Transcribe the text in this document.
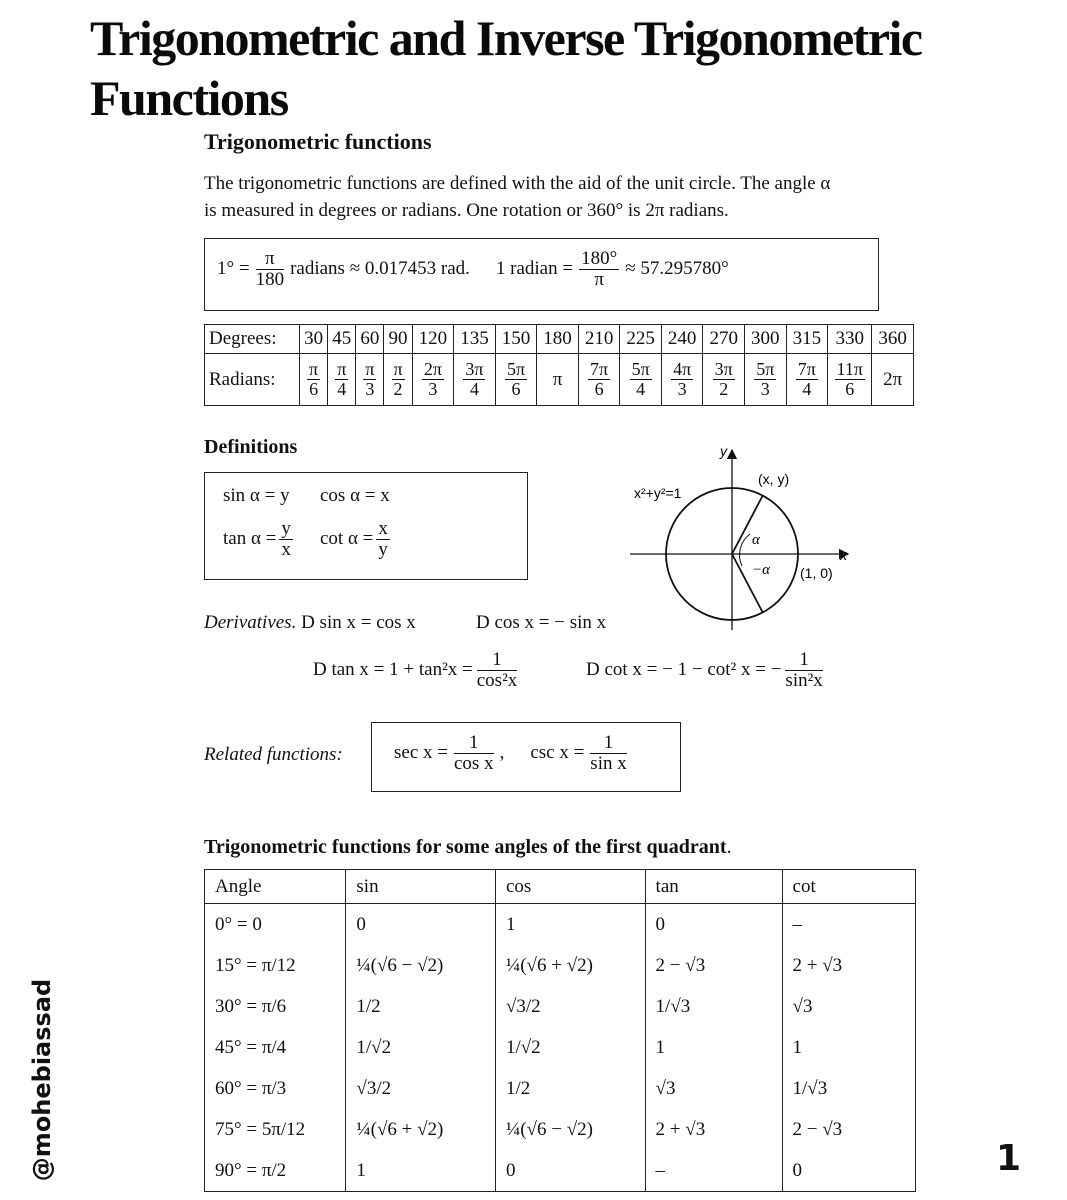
Trigonometric and Inverse Trigonometric
Functions
Trigonometric functions
The trigonometric functions are defined with the aid of the unit circle. The angle α
is measured in degrees or radians. One rotation or 360° is 2π radians.
$1^\circ = \frac{\pi}{180}$ radians ≈ 0.017453 rad. 1 radian = $\frac{180^\circ}{\pi} \approx 57.295780^\circ$
Degrees:	30	45	60	90	120	135	150	180	210	225	240	270	300	315	330	360
Radians:	$\frac{\pi}{6}$	$\frac{\pi}{4}$	$\frac{\pi}{3}$	$\frac{\pi}{2}$	$\frac{2\pi}{3}$	$\frac{3\pi}{4}$	$\frac{5\pi}{6}$	π	$\frac{7\pi}{6}$	$\frac{5\pi}{4}$	$\frac{4\pi}{3}$	$\frac{3\pi}{2}$	$\frac{5\pi}{3}$	$\frac{7\pi}{4}$	$\frac{11\pi}{6}$	2π
Definitions
sin α = y cos α = x
$\tan \alpha = \frac{y}{x}$ $\cot \alpha = \frac{x}{y}$
x²+y²=1
(x, y)
(1, 0)
x
y
α
−α
Derivatives. D sin x = cos x	D cos x = − sin x
D $\tan x = 1 + \tan^2x = \frac{1}{\text{cos²x}}$	D cot x = − 1 − cot² x = − $\frac{1}{\text{sin²x}}$
Related functions:	$\sec x = \frac{1}{\text{cos x}}$ , $\csc x = \frac{1}{\text{sin x}}$
Trigonometric functions for some angles of the first quadrant.
Angle	sin	cos	tan	cot
0° = 0	0	1	0	–
15° = π/12	¼(√6 − √2)	¼(√6 + √2)	2 − √3	2 + √3
30° = π/6	1/2	√3/2	1/√3	√3
45° = π/4	1/√2	1/√2	1	1
60° = π/3	√3/2	1/2	√3	1/√3
75° = 5π/12	¼(√6 + √2)	¼(√6 − √2)	2 + √3	2 − √3
90° = π/2	1	0	–	0
@mohebiassad	1
